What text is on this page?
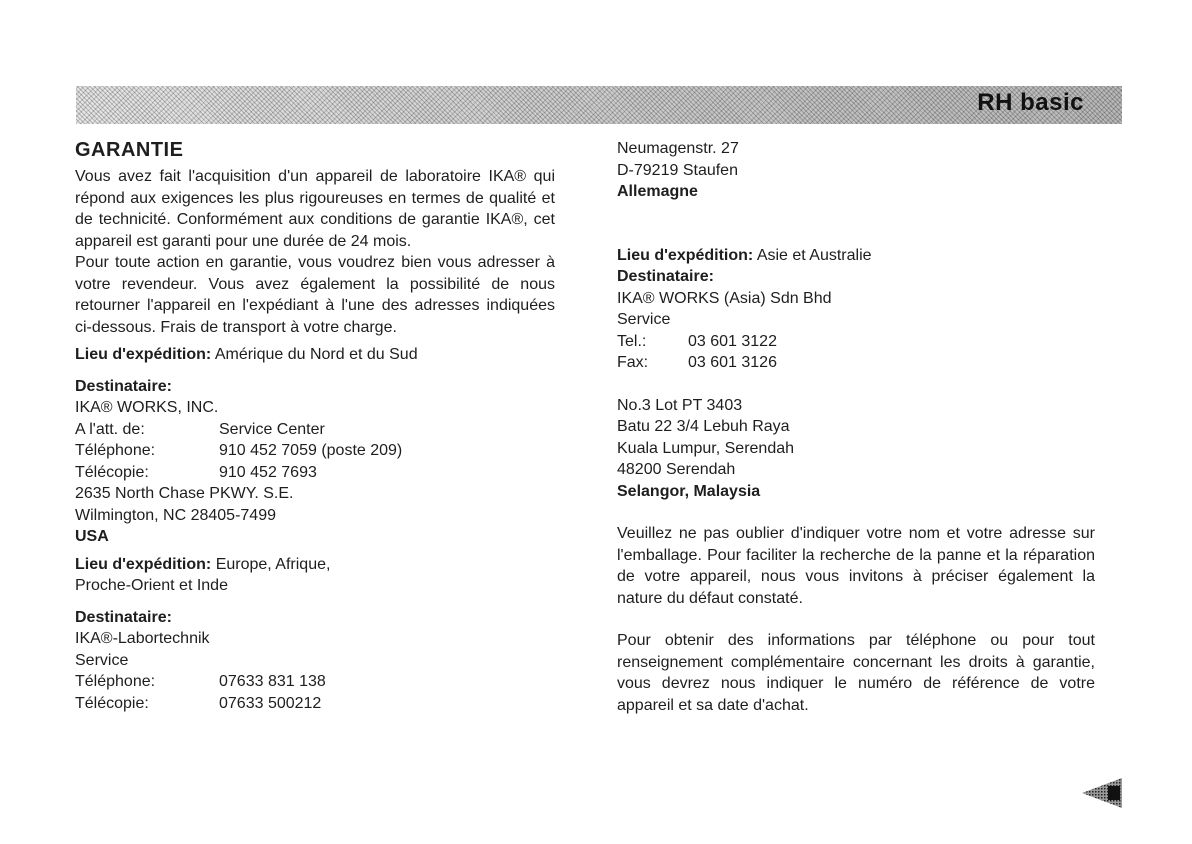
RH basic
GARANTIE

Vous avez fait l'acquisition d'un appareil de laboratoire IKA® qui répond aux exigences les plus rigoureuses en termes de qualité et de technicité. Conformément aux conditions de garantie IKA®, cet appareil est garanti pour une durée de 24 mois.

Pour toute action en garantie, vous voudrez bien vous adresser à votre revendeur. Vous avez également la possibilité de nous retourner l'appareil en l'expédiant à l'une des adresses indiquées ci-dessous. Frais de transport à votre charge.

Lieu d'expédition: Amérique du Nord et du Sud

Destinataire:

IKA® WORKS, INC.

A l'att. de:	Service Center
Téléphone:	910 452 7059 (poste 209)
Télécopie:	910 452 7693

2635 North Chase PKWY. S.E.

Wilmington, NC 28405-7499

USA

Lieu d'expédition: Europe, Afrique,

Proche-Orient et Inde

Destinataire:

IKA®-Labortechnik

Service

Téléphone:	07633 831 138
Télécopie:	07633 500212

Neumagenstr. 27

D-79219 Staufen

Allemagne

Lieu d'expédition: Asie et Australie

Destinataire:

IKA® WORKS (Asia) Sdn Bhd

Service

Tel.:	03 601 3122
Fax:	03 601 3126

No.3 Lot PT 3403

Batu 22 3/4 Lebuh Raya

Kuala Lumpur, Serendah

48200 Serendah

Selangor, Malaysia

Veuillez ne pas oublier d'indiquer votre nom et votre adresse sur l'emballage. Pour faciliter la recherche de la panne et la réparation de votre appareil, nous vous invitons à préciser également la nature du défaut constaté.

Pour obtenir des informations par téléphone ou pour tout renseignement complémentaire concernant les droits à garantie, vous devrez nous indiquer le numéro de référence de votre appareil et sa date d'achat.
